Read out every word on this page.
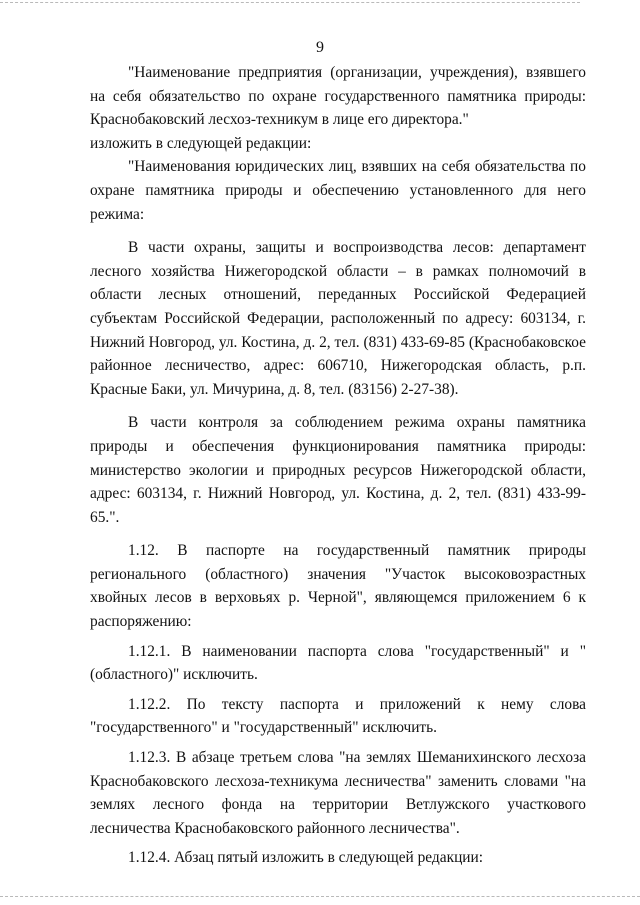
9

"Наименование предприятия (организации, учреждения), взявшего на себя обязательство по охране государственного памятника природы: Краснобаковский лесхоз-техникум в лице его директора."

изложить в следующей редакции:

"Наименования юридических лиц, взявших на себя обязательства по охране памятника природы и обеспечению установленного для него режима:

В части охраны, защиты и воспроизводства лесов: департамент лесного хозяйства Нижегородской области – в рамках полномочий в области лесных отношений, переданных Российской Федерацией субъектам Российской Федерации, расположенный по адресу: 603134, г. Нижний Новгород, ул. Костина, д. 2, тел. (831) 433-69-85 (Краснобаковское районное лесничество, адрес: 606710, Нижегородская область, р.п. Красные Баки, ул. Мичурина, д. 8, тел. (83156) 2-27-38).

В части контроля за соблюдением режима охраны памятника природы и обеспечения функционирования памятника природы: министерство экологии и природных ресурсов Нижегородской области, адрес: 603134, г. Нижний Новгород, ул. Костина, д. 2, тел. (831) 433-99-65.".

1.12. В паспорте на государственный памятник природы регионального (областного) значения "Участок высоковозрастных хвойных лесов в верховьях р. Черной", являющемся приложением 6 к распоряжению:

1.12.1. В наименовании паспорта слова "государственный" и "(областного)" исключить.

1.12.2. По тексту паспорта и приложений к нему слова "государственного" и "государственный" исключить.

1.12.3. В абзаце третьем слова "на землях Шеманихинского лесхоза Краснобаковского лесхоза-техникума лесничества" заменить словами "на землях лесного фонда на территории Ветлужского участкового лесничества Краснобаковского районного лесничества".

1.12.4. Абзац пятый изложить в следующей редакции:
